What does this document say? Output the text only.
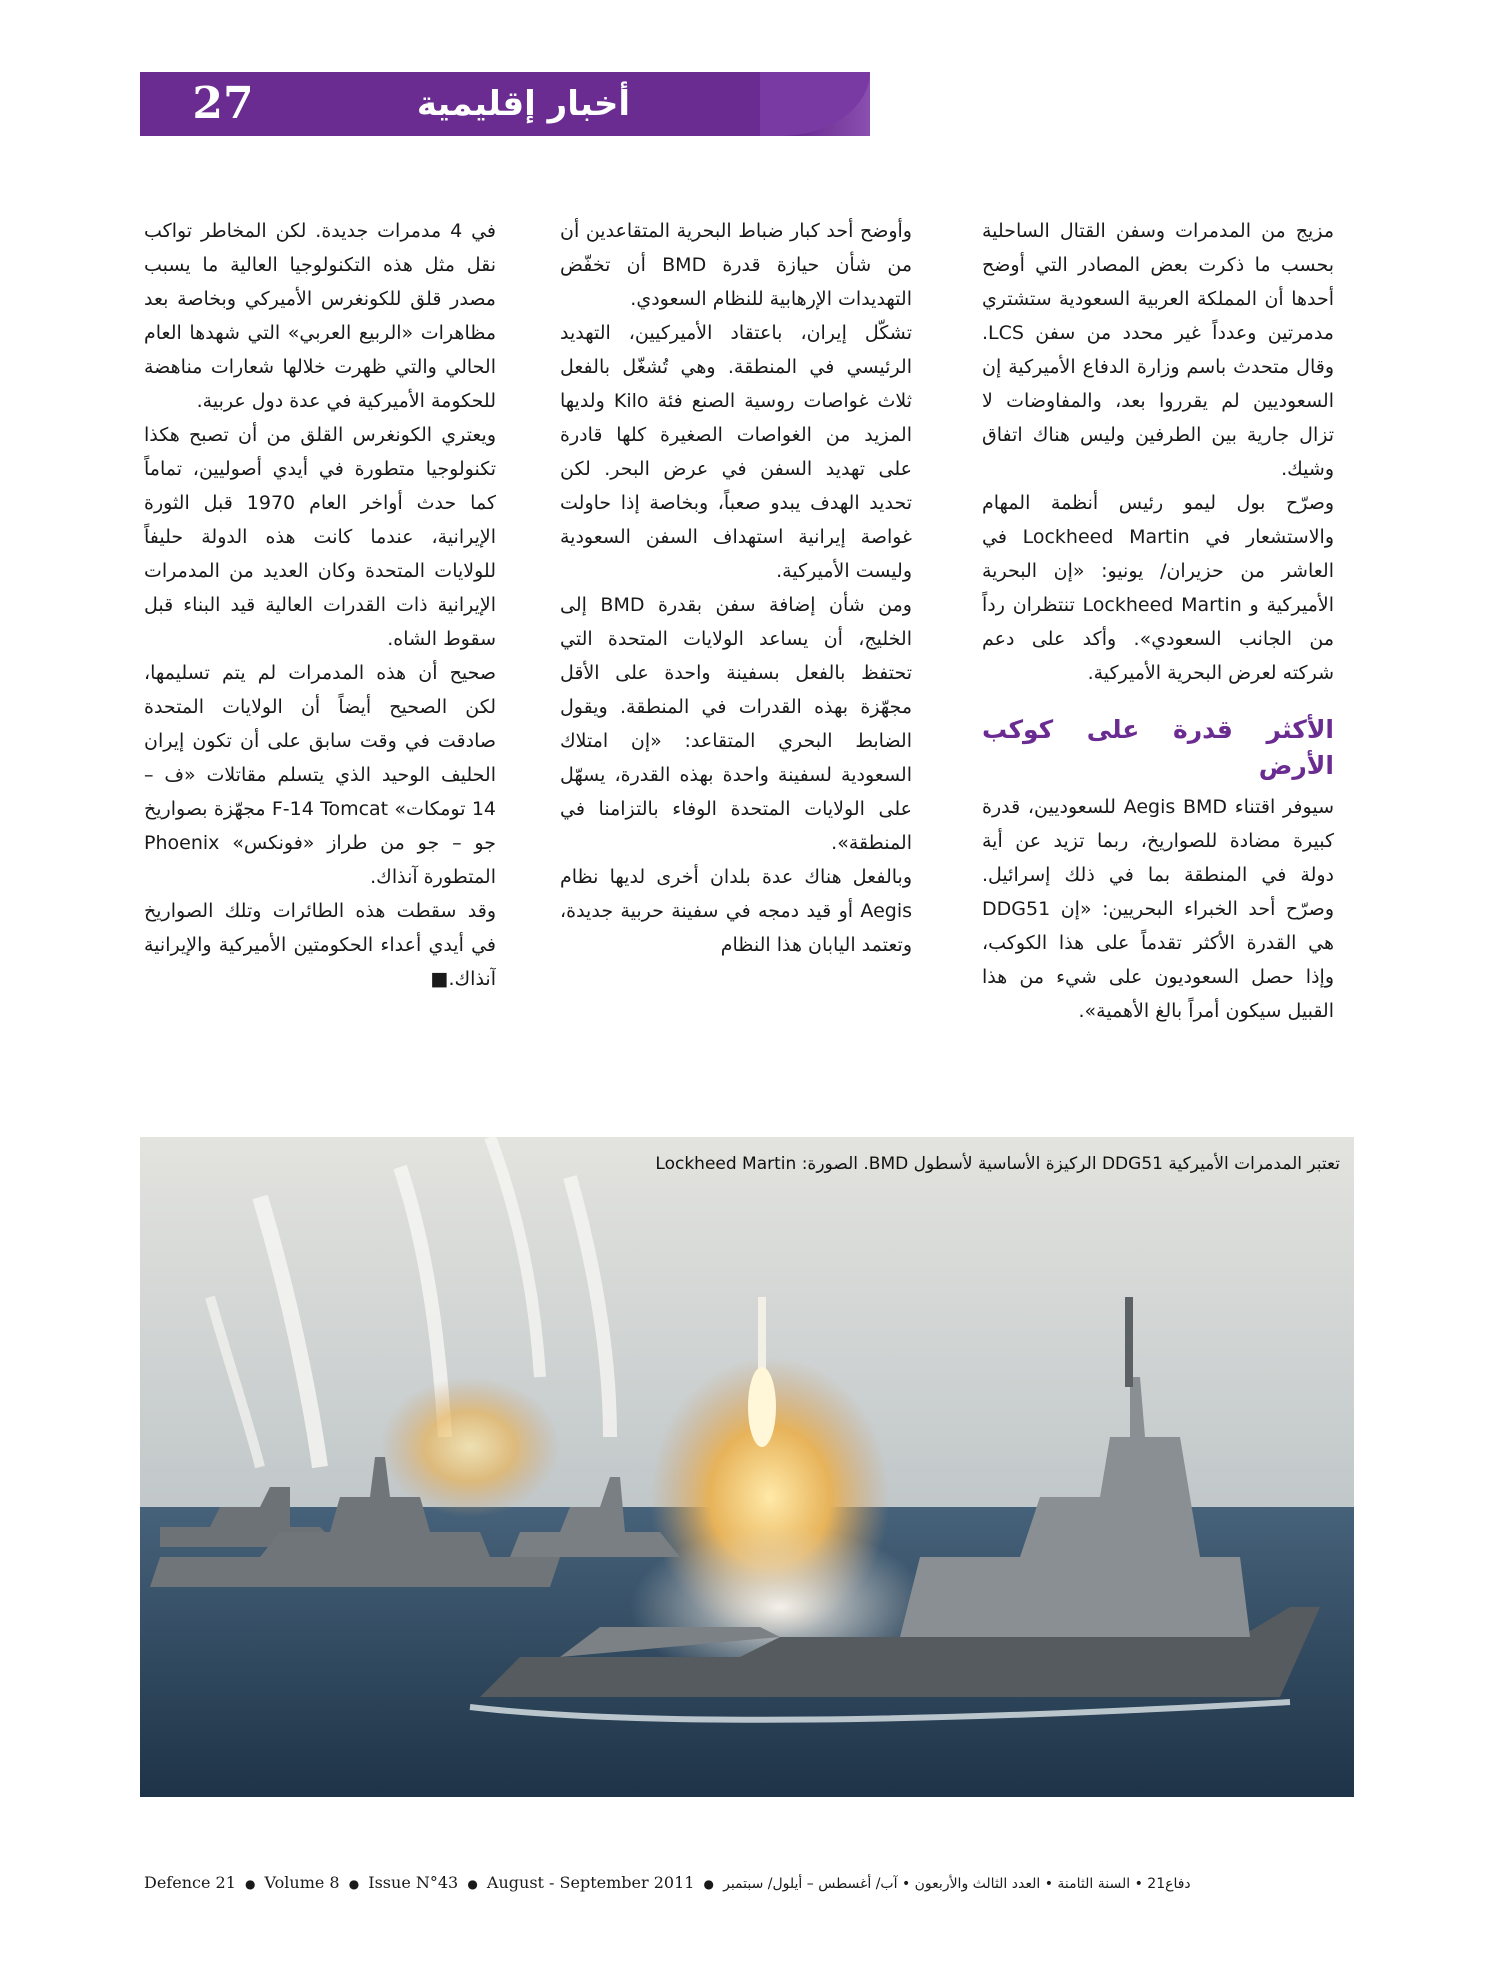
27	أخبار إقليمية

مزيج من المدمرات وسفن القتال الساحلية بحسب ما ذكرت بعض المصادر التي أوضح أحدها أن المملكة العربية السعودية ستشتري مدمرتين وعدداً غير محدد من سفن LCS. وقال متحدث باسم وزارة الدفاع الأميركية إن السعوديين لم يقرروا بعد، والمفاوضات لا تزال جارية بين الطرفين وليس هناك اتفاق وشيك.

وصرّح بول ليمو رئيس أنظمة المهام والاستشعار في Lockheed Martin في العاشر من حزيران/ يونيو: «إن البحرية الأميركية و Lockheed Martin تنتظران رداً من الجانب السعودي». وأكد على دعم شركته لعرض البحرية الأميركية.

الأكثر قدرة على كوكب الأرض

سيوفر اقتناء Aegis BMD للسعوديين، قدرة كبيرة مضادة للصواريخ، ربما تزيد عن أية دولة في المنطقة بما في ذلك إسرائيل. وصرّح أحد الخبراء البحريين: «إن DDG51 هي القدرة الأكثر تقدماً على هذا الكوكب، وإذا حصل السعوديون على شيء من هذا القبيل سيكون أمراً بالغ الأهمية».

وأوضح أحد كبار ضباط البحرية المتقاعدين أن من شأن حيازة قدرة BMD أن تخفّض التهديدات الإرهابية للنظام السعودي.

تشكّل إيران، باعتقاد الأميركيين، التهديد الرئيسي في المنطقة. وهي تُشغّل بالفعل ثلاث غواصات روسية الصنع فئة Kilo ولديها المزيد من الغواصات الصغيرة كلها قادرة على تهديد السفن في عرض البحر. لكن تحديد الهدف يبدو صعباً، وبخاصة إذا حاولت غواصة إيرانية استهداف السفن السعودية وليست الأميركية.

ومن شأن إضافة سفن بقدرة BMD إلى الخليج، أن يساعد الولايات المتحدة التي تحتفظ بالفعل بسفينة واحدة على الأقل مجهّزة بهذه القدرات في المنطقة. ويقول الضابط البحري المتقاعد: «إن امتلاك السعودية لسفينة واحدة بهذه القدرة، يسهّل على الولايات المتحدة الوفاء بالتزامنا في المنطقة».

وبالفعل هناك عدة بلدان أخرى لديها نظام Aegis أو قيد دمجه في سفينة حربية جديدة، وتعتمد اليابان هذا النظام

في 4 مدمرات جديدة. لكن المخاطر تواكب نقل مثل هذه التكنولوجيا العالية ما يسبب مصدر قلق للكونغرس الأميركي وبخاصة بعد مظاهرات «الربيع العربي» التي شهدها العام الحالي والتي ظهرت خلالها شعارات مناهضة للحكومة الأميركية في عدة دول عربية.

ويعتري الكونغرس القلق من أن تصبح هكذا تكنولوجيا متطورة في أيدي أصوليين، تماماً كما حدث أواخر العام 1970 قبل الثورة الإيرانية، عندما كانت هذه الدولة حليفاً للولايات المتحدة وكان العديد من المدمرات الإيرانية ذات القدرات العالية قيد البناء قبل سقوط الشاه.

صحيح أن هذه المدمرات لم يتم تسليمها، لكن الصحيح أيضاً أن الولايات المتحدة صادقت في وقت سابق على أن تكون إيران الحليف الوحيد الذي يتسلم مقاتلات «ف – 14 تومكات» F-14 Tomcat مجهّزة بصواريخ جو – جو من طراز «فونكس» Phoenix المتطورة آنذاك.

وقد سقطت هذه الطائرات وتلك الصواريخ في أيدي أعداء الحكومتين الأميركية والإيرانية آنذاك.■

تعتبر المدمرات الأميركية DDG51 الركيزة الأساسية لأسطول BMD. الصورة: Lockheed Martin
Defence 21 ● Volume 8 ● Issue N°43 ● August - September 2011 ● دفاع21 • السنة الثامنة • العدد الثالث والأربعون • آب/ أغسطس – أيلول/ سبتمبر
